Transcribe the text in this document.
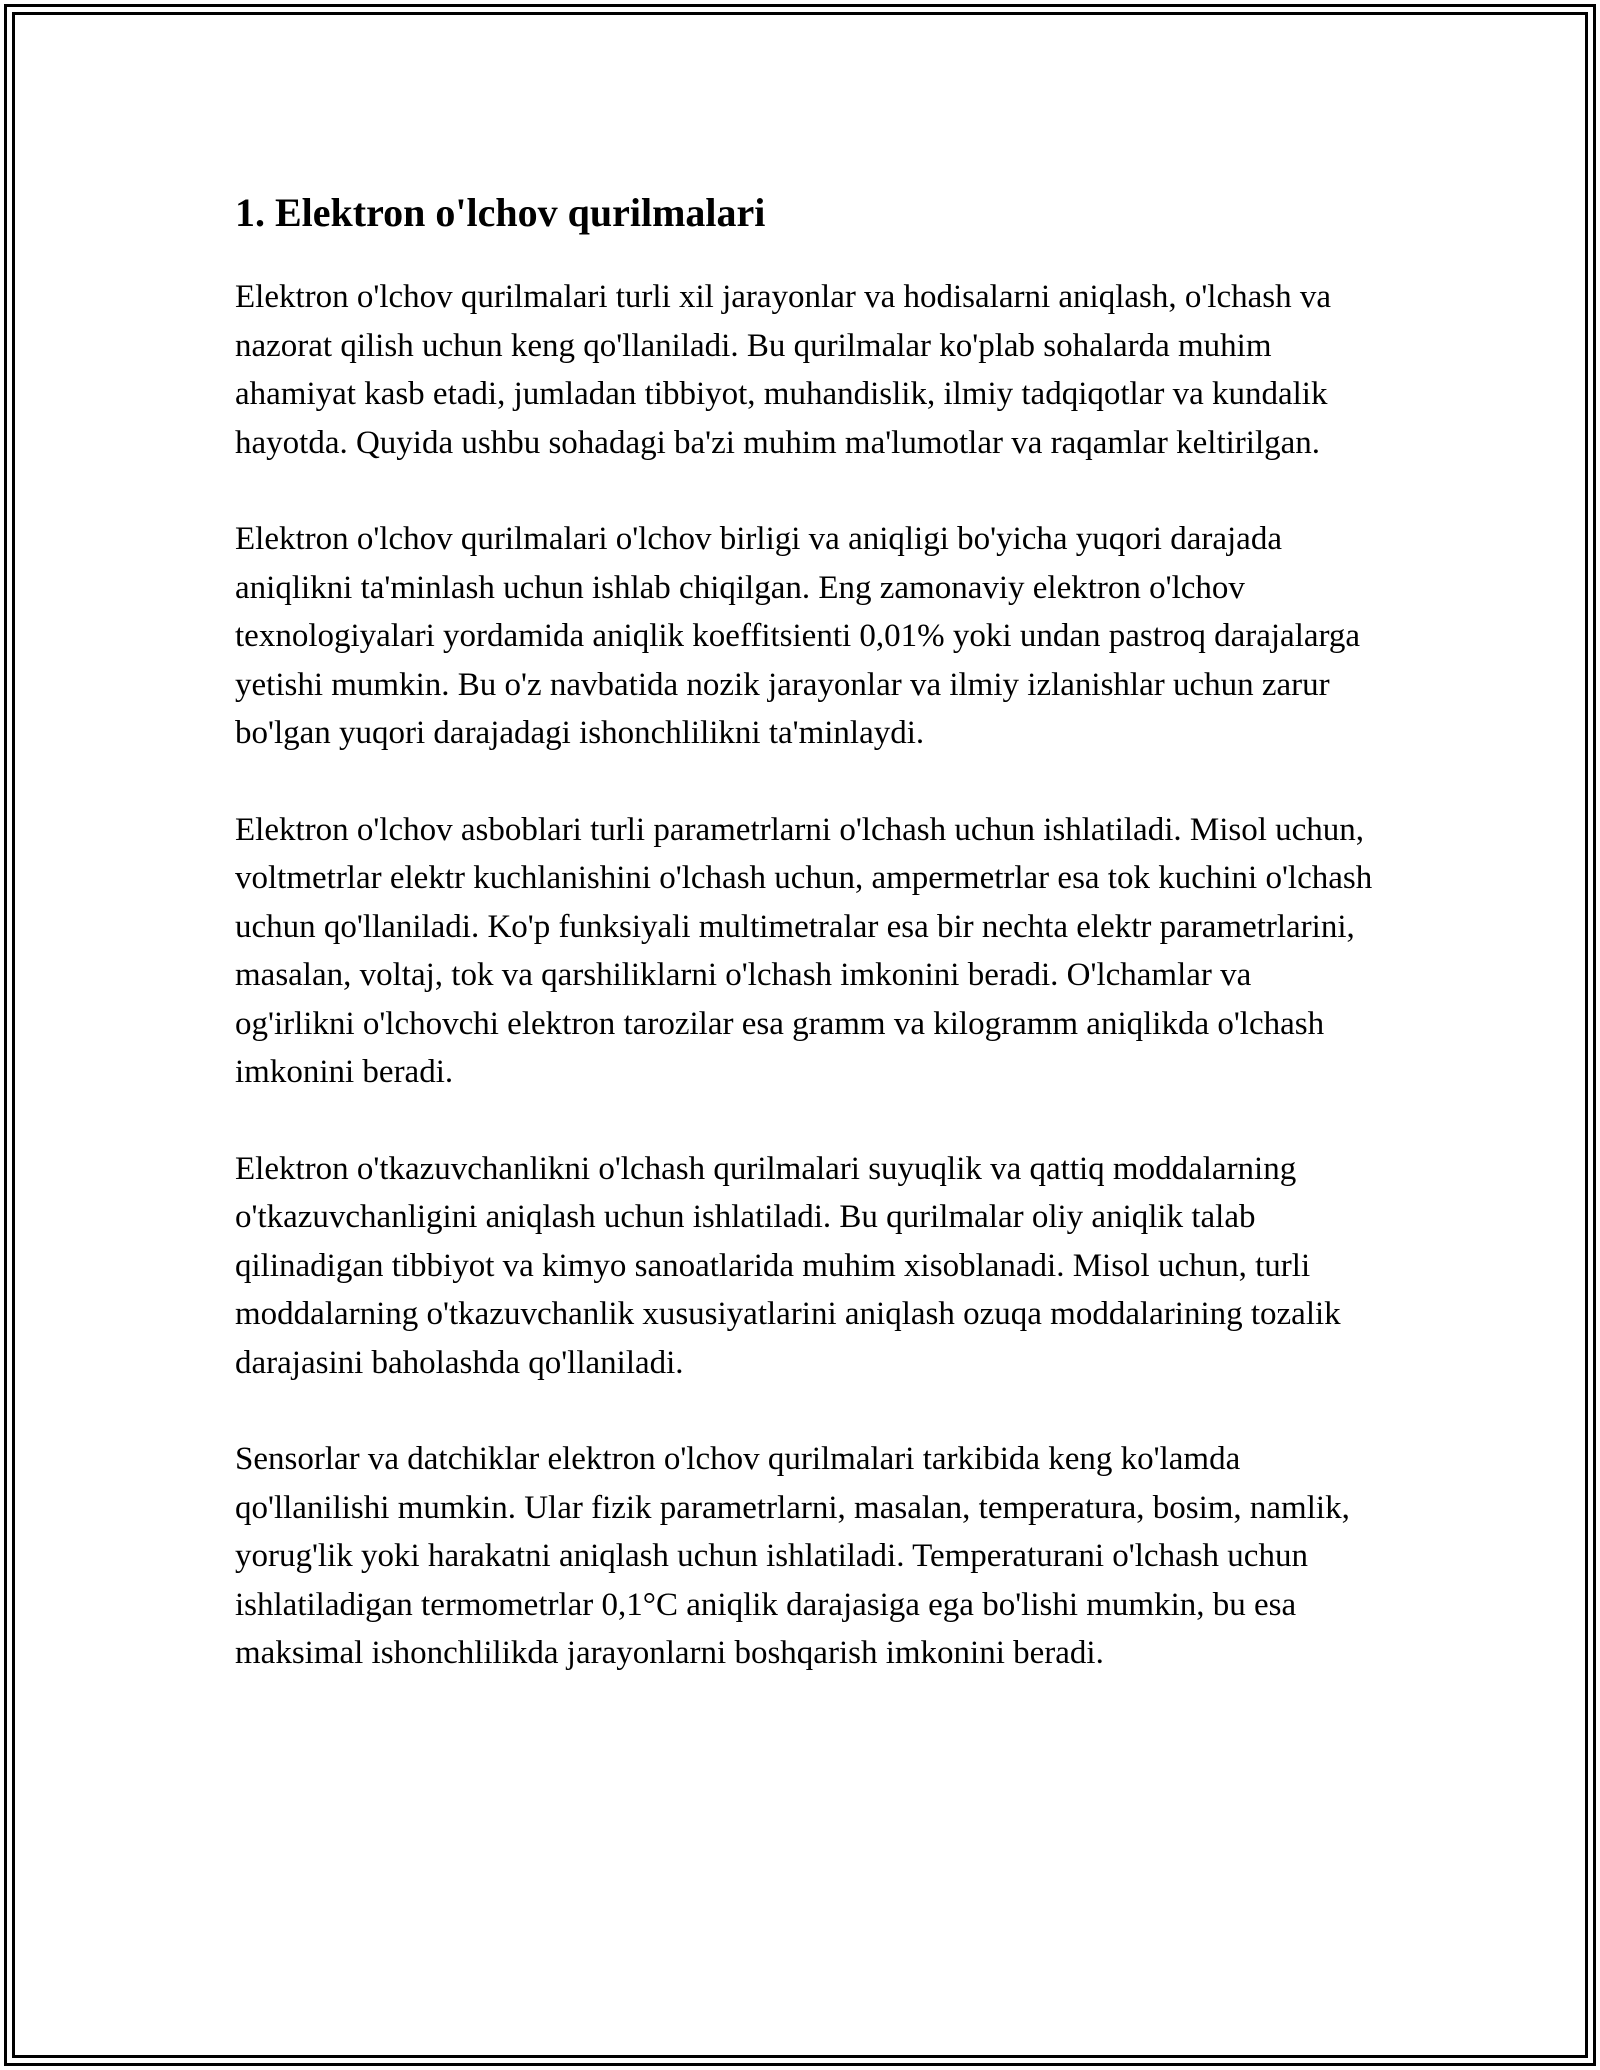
1. Elektron o'lchov qurilmalari

Elektron o'lchov qurilmalari turli xil jarayonlar va hodisalarni aniqlash, o'lchash va nazorat qilish uchun keng qo'llaniladi. Bu qurilmalar ko'plab sohalarda muhim ahamiyat kasb etadi, jumladan tibbiyot, muhandislik, ilmiy tadqiqotlar va kundalik hayotda. Quyida ushbu sohadagi ba'zi muhim ma'lumotlar va raqamlar keltirilgan.

Elektron o'lchov qurilmalari o'lchov birligi va aniqligi bo'yicha yuqori darajada aniqlikni ta'minlash uchun ishlab chiqilgan. Eng zamonaviy elektron o'lchov texnologiyalari yordamida aniqlik koeffitsienti 0,01% yoki undan pastroq darajalarga yetishi mumkin. Bu o'z navbatida nozik jarayonlar va ilmiy izlanishlar uchun zarur bo'lgan yuqori darajadagi ishonchlilikni ta'minlaydi.

Elektron o'lchov asboblari turli parametrlarni o'lchash uchun ishlatiladi. Misol uchun, voltmetrlar elektr kuchlanishini o'lchash uchun, ampermetrlar esa tok kuchini o'lchash uchun qo'llaniladi. Ko'p funksiyali multimetralar esa bir nechta elektr parametrlarini, masalan, voltaj, tok va qarshiliklarni o'lchash imkonini beradi. O'lchamlar va og'irlikni o'lchovchi elektron tarozilar esa gramm va kilogramm aniqlikda o'lchash imkonini beradi.

Elektron o'tkazuvchanlikni o'lchash qurilmalari suyuqlik va qattiq moddalarning o'tkazuvchanligini aniqlash uchun ishlatiladi. Bu qurilmalar oliy aniqlik talab qilinadigan tibbiyot va kimyo sanoatlarida muhim xisoblanadi. Misol uchun, turli moddalarning o'tkazuvchanlik xususiyatlarini aniqlash ozuqa moddalarining tozalik darajasini baholashda qo'llaniladi.

Sensorlar va datchiklar elektron o'lchov qurilmalari tarkibida keng ko'lamda qo'llanilishi mumkin. Ular fizik parametrlarni, masalan, temperatura, bosim, namlik, yorug'lik yoki harakatni aniqlash uchun ishlatiladi. Temperaturani o'lchash uchun ishlatiladigan termometrlar 0,1°C aniqlik darajasiga ega bo'lishi mumkin, bu esa maksimal ishonchlilikda jarayonlarni boshqarish imkonini beradi.
